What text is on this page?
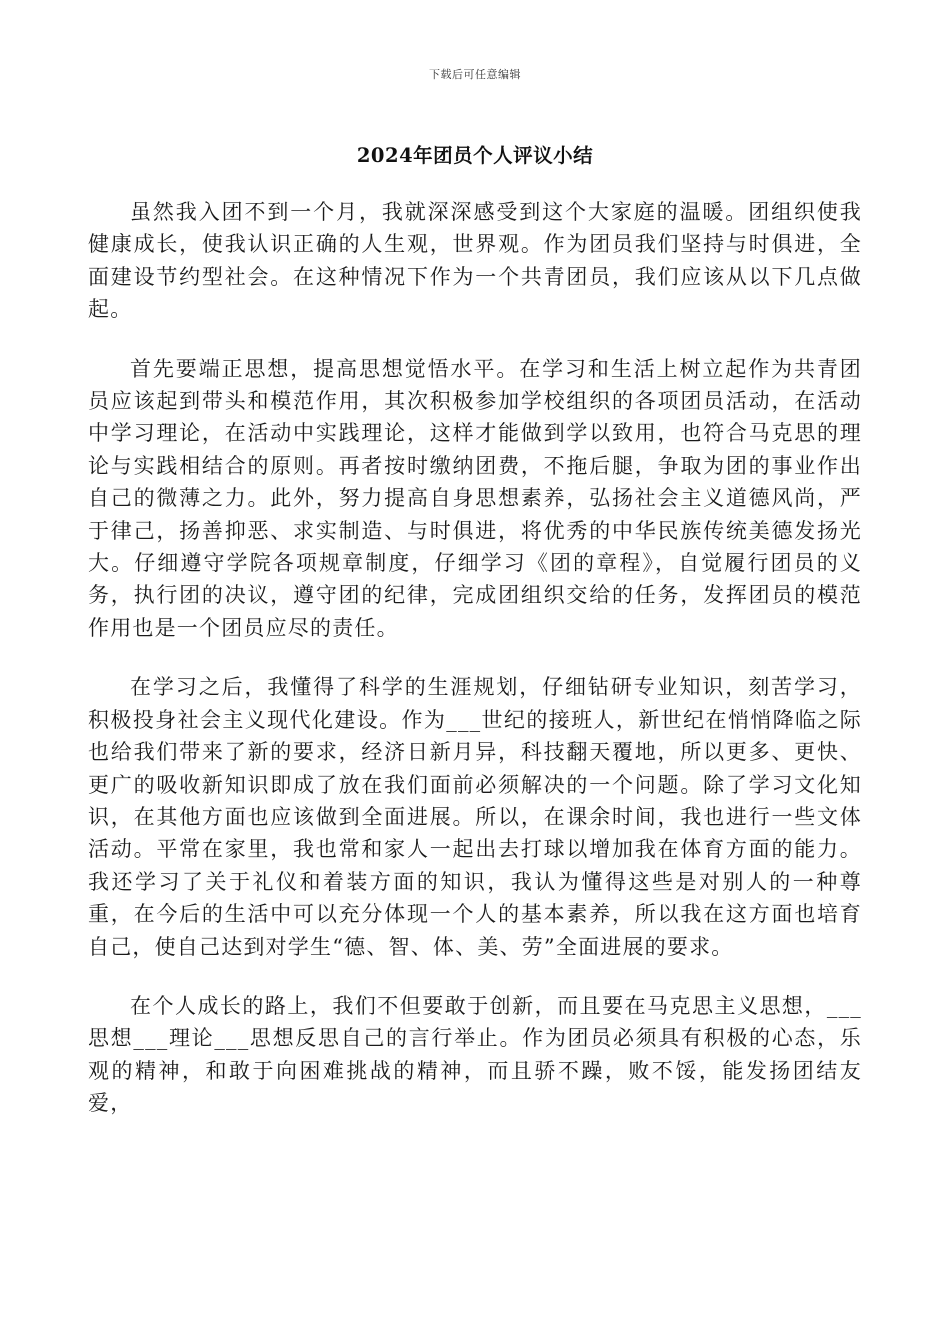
下载后可任意编辑
2024年团员个人评议小结

虽然我入团不到一个月，我就深深感受到这个大家庭的温暖。团组织使我健康成长，使我认识正确的人生观，世界观。作为团员我们坚持与时俱进，全面建设节约型社会。在这种情况下作为一个共青团员，我们应该从以下几点做起。

首先要端正思想，提高思想觉悟水平。在学习和生活上树立起作为共青团员应该起到带头和模范作用，其次积极参加学校组织的各项团员活动，在活动中学习理论，在活动中实践理论，这样才能做到学以致用，也符合马克思的理论与实践相结合的原则。再者按时缴纳团费，不拖后腿，争取为团的事业作出自己的微薄之力。此外，努力提高自身思想素养，弘扬社会主义道德风尚，严于律己，扬善抑恶、求实制造、与时俱进，将优秀的中华民族传统美德发扬光大。仔细遵守学院各项规章制度，仔细学习《团的章程》，自觉履行团员的义务，执行团的决议，遵守团的纪律，完成团组织交给的任务，发挥团员的模范作用也是一个团员应尽的责任。

在学习之后，我懂得了科学的生涯规划，仔细钻研专业知识，刻苦学习，积极投身社会主义现代化建设。作为___世纪的接班人，新世纪在悄悄降临之际也给我们带来了新的要求，经济日新月异，科技翻天覆地，所以更多、更快、更广的吸收新知识即成了放在我们面前必须解决的一个问题。除了学习文化知识，在其他方面也应该做到全面进展。所以，在课余时间，我也进行一些文体活动。平常在家里，我也常和家人一起出去打球以增加我在体育方面的能力。我还学习了关于礼仪和着装方面的知识，我认为懂得这些是对别人的一种尊重，在今后的生活中可以充分体现一个人的基本素养，所以我在这方面也培育自己，使自己达到对学生“德、智、体、美、劳”全面进展的要求。

在个人成长的路上，我们不但要敢于创新，而且要在马克思主义思想，___思想___理论___思想反思自己的言行举止。作为团员必须具有积极的心态，乐观的精神，和敢于向困难挑战的精神，而且骄不躁，败不馁，能发扬团结友爱，
